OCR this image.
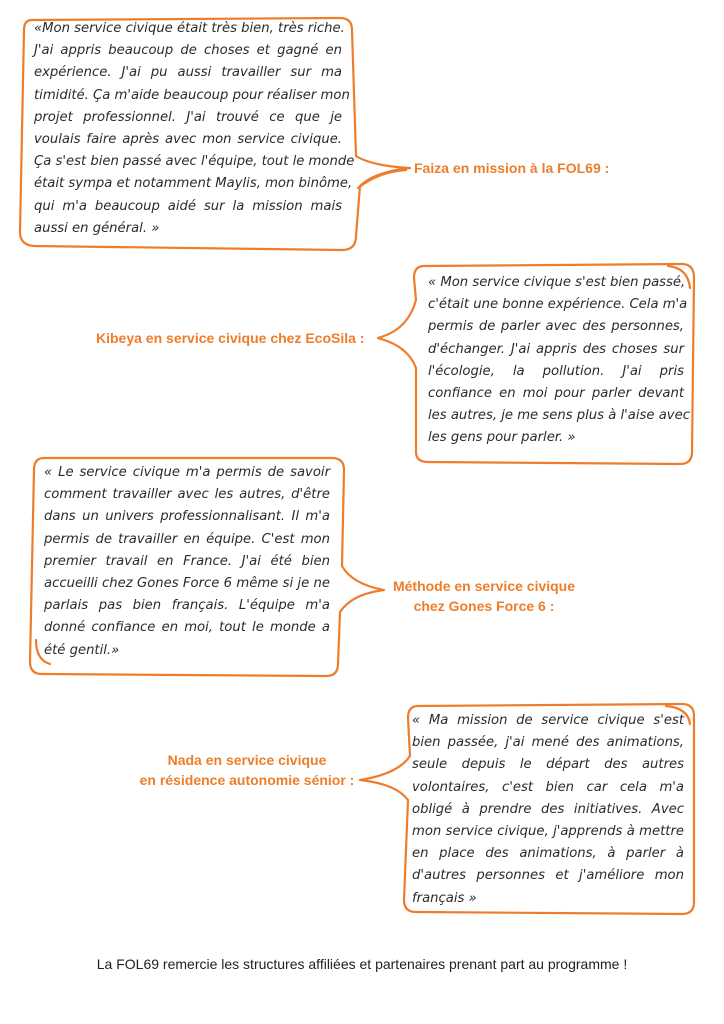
«Mon service civique était très bien, très riche.
J'ai appris beaucoup de choses et gagné en
expérience. J'ai pu aussi travailler sur ma
timidité. Ça m'aide beaucoup pour réaliser mon
projet professionnel. J'ai trouvé ce que je
voulais faire après avec mon service civique.
Ça s'est bien passé avec l'équipe, tout le monde
était sympa et notamment Maylis, mon binôme,
qui m'a beaucoup aidé sur la mission mais
aussi en général. »
Faiza en mission à la FOL69 :
Kibeya en service civique chez EcoSila :
« Mon service civique s'est bien passé,
c'était une bonne expérience. Cela m'a
permis de parler avec des personnes,
d'échanger. J'ai appris des choses sur
l'écologie, la pollution. J'ai pris
confiance en moi pour parler devant
les autres, je me sens plus à l'aise avec
les gens pour parler. »
« Le service civique m'a permis de savoir
comment travailler avec les autres, d'être
dans un univers professionnalisant. Il m'a
permis de travailler en équipe. C'est mon
premier travail en France. J'ai été bien
accueilli chez Gones Force 6 même si je ne
parlais pas bien français. L'équipe m'a
donné confiance en moi, tout le monde a
été gentil.»
Méthode en service civique
chez Gones Force 6 :
Nada en service civique
en résidence autonomie sénior :
« Ma mission de service civique s'est
bien passée, j'ai mené des animations,
seule depuis le départ des autres
volontaires, c'est bien car cela m'a
obligé à prendre des initiatives. Avec
mon service civique, j'apprends à mettre
en place des animations, à parler à
d'autres personnes et j'améliore mon
français »

La FOL69 remercie les structures affiliées et partenaires prenant part au programme !
